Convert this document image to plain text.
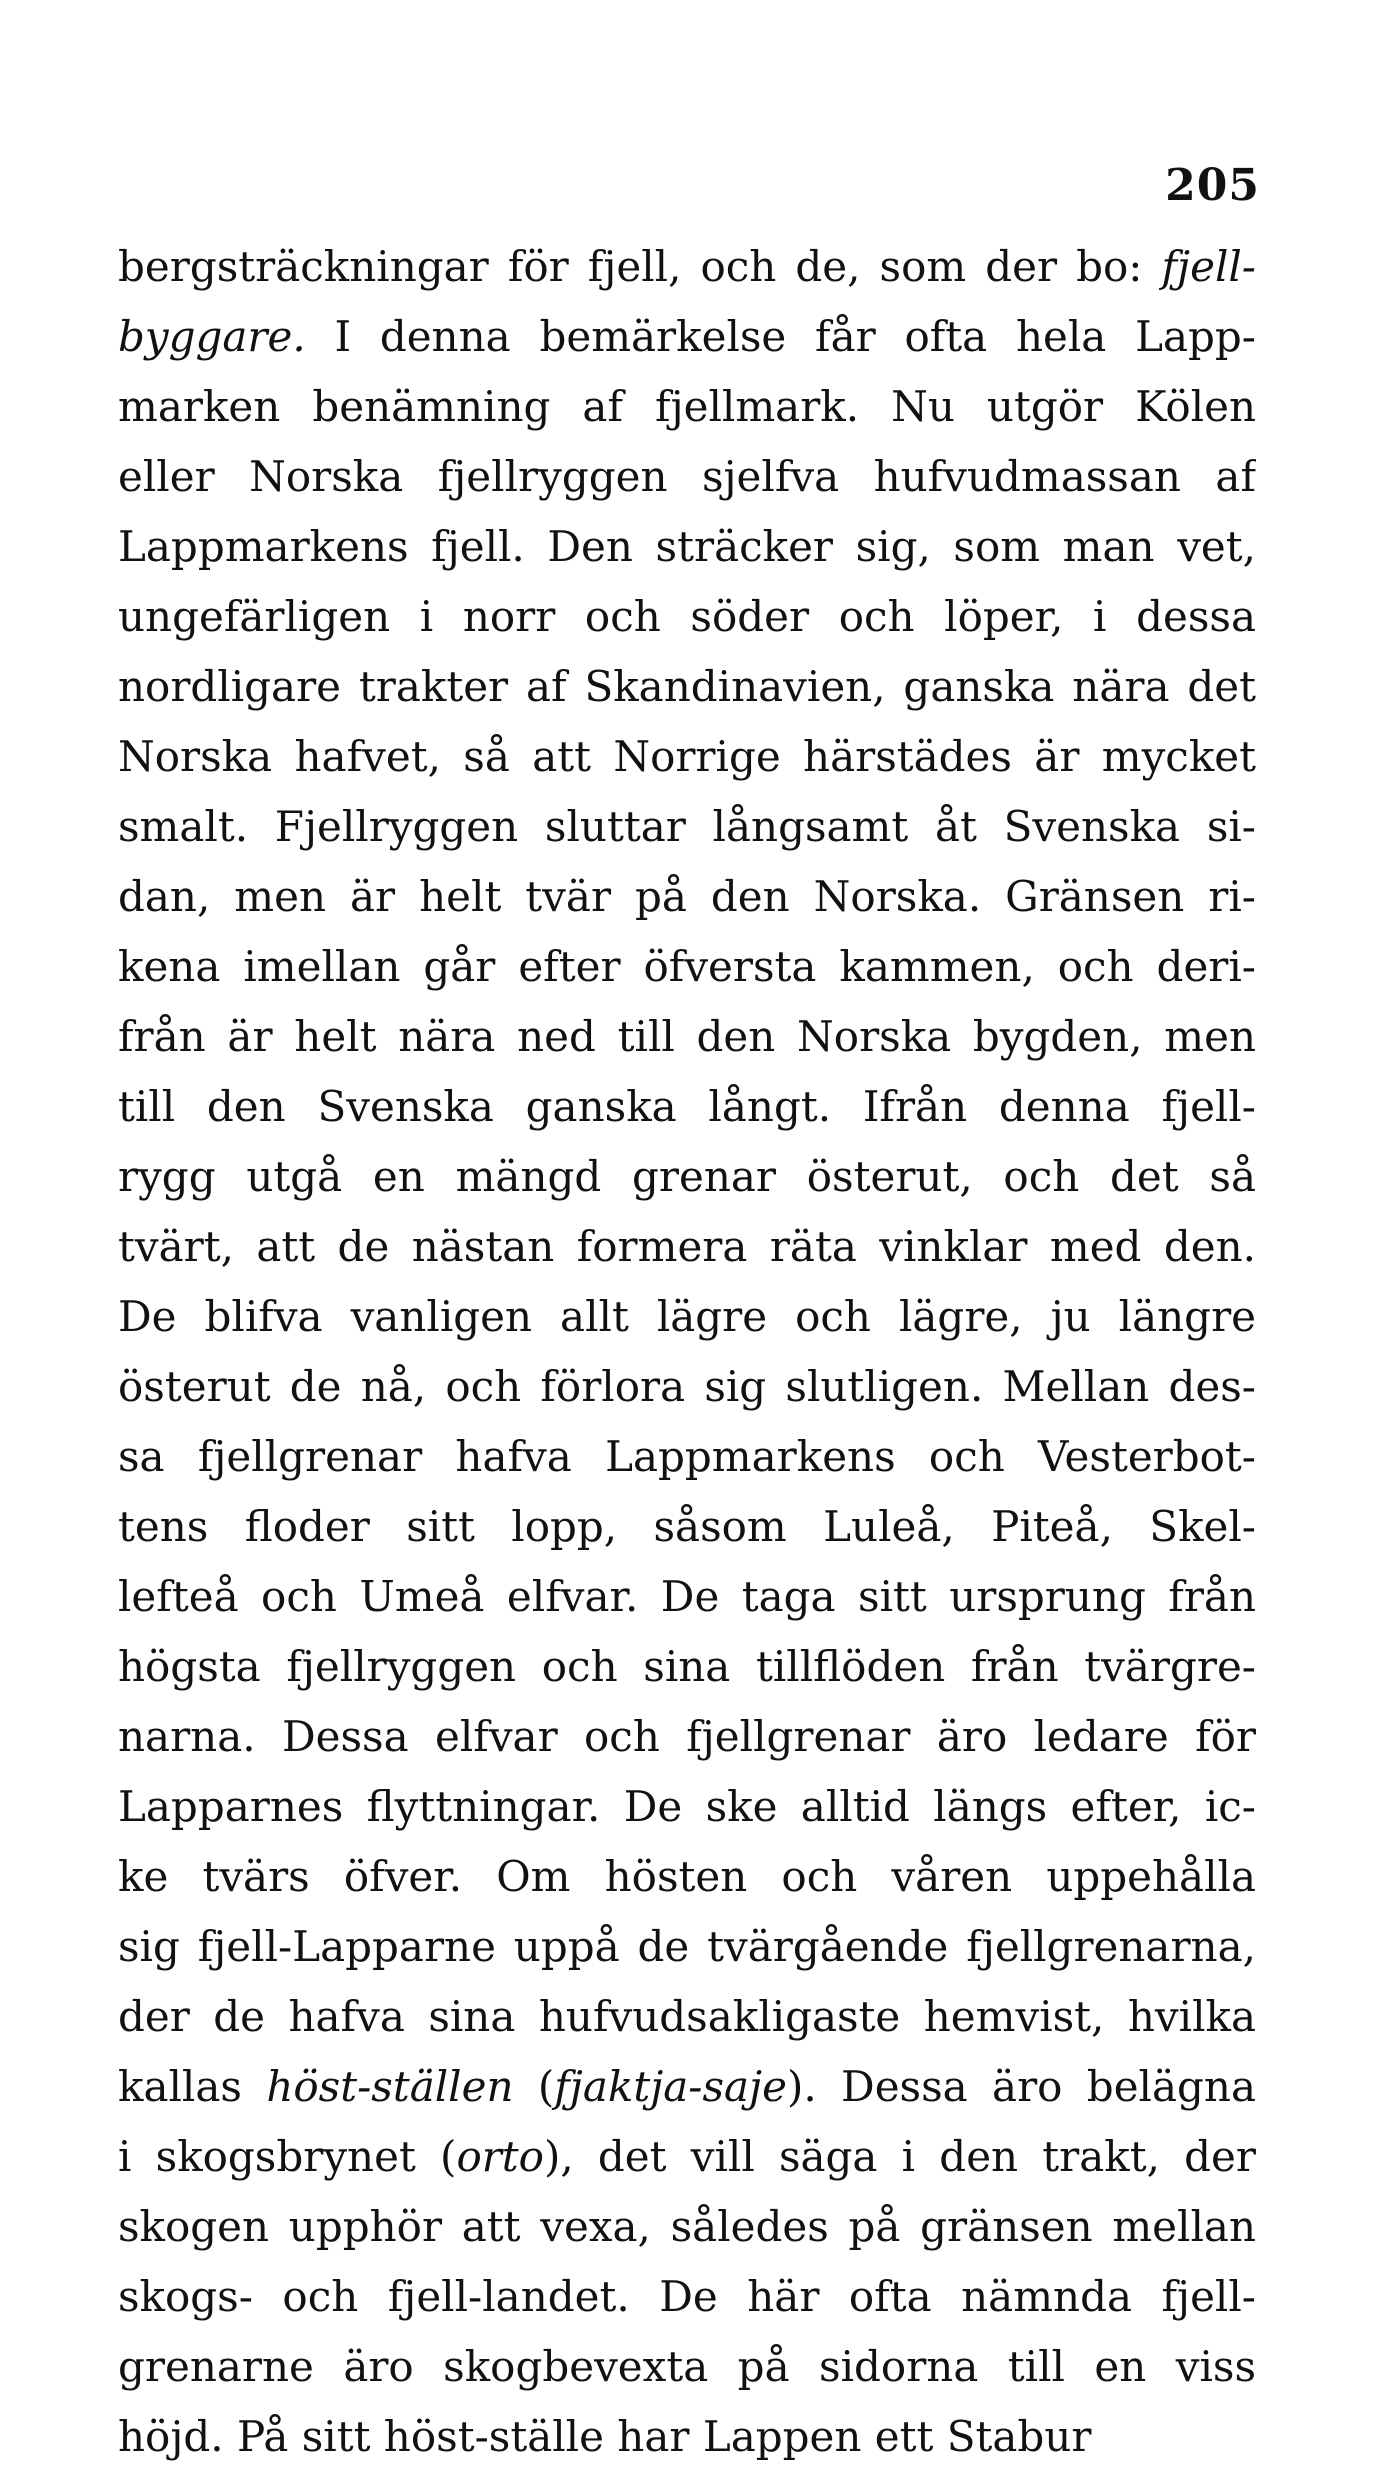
205
bergsträckningar för fjell, och de, som der bo: fjell-
byggare. I denna bemärkelse får ofta hela Lapp-
marken benämning af fjellmark. Nu utgör Kölen
eller Norska fjellryggen sjelfva hufvudmassan af
Lappmarkens fjell. Den sträcker sig, som man vet,
ungefärligen i norr och söder och löper, i dessa
nordligare trakter af Skandinavien, ganska nära det
Norska hafvet, så att Norrige härstädes är mycket
smalt. Fjellryggen sluttar långsamt åt Svenska si-
dan, men är helt tvär på den Norska. Gränsen ri-
kena imellan går efter öfversta kammen, och deri-
från är helt nära ned till den Norska bygden, men
till den Svenska ganska långt. Ifrån denna fjell-
rygg utgå en mängd grenar österut, och det så
tvärt, att de nästan formera räta vinklar med den.
De blifva vanligen allt lägre och lägre, ju längre
österut de nå, och förlora sig slutligen. Mellan des-
sa fjellgrenar hafva Lappmarkens och Vesterbot-
tens floder sitt lopp, såsom Luleå, Piteå, Skel-
lefteå och Umeå elfvar. De taga sitt ursprung från
högsta fjellryggen och sina tillflöden från tvärgre-
narna. Dessa elfvar och fjellgrenar äro ledare för
Lapparnes flyttningar. De ske alltid längs efter, ic-
ke tvärs öfver. Om hösten och våren uppehålla
sig fjell-Lapparne uppå de tvärgående fjellgrenarna,
der de hafva sina hufvudsakligaste hemvist, hvilka
kallas höst-ställen (fjaktja-saje). Dessa äro belägna
i skogsbrynet (orto), det vill säga i den trakt, der
skogen upphör att vexa, således på gränsen mellan
skogs- och fjell-landet. De här ofta nämnda fjell-
grenarne äro skogbevexta på sidorna till en viss
höjd. På sitt höst-ställe har Lappen ett Stabur
